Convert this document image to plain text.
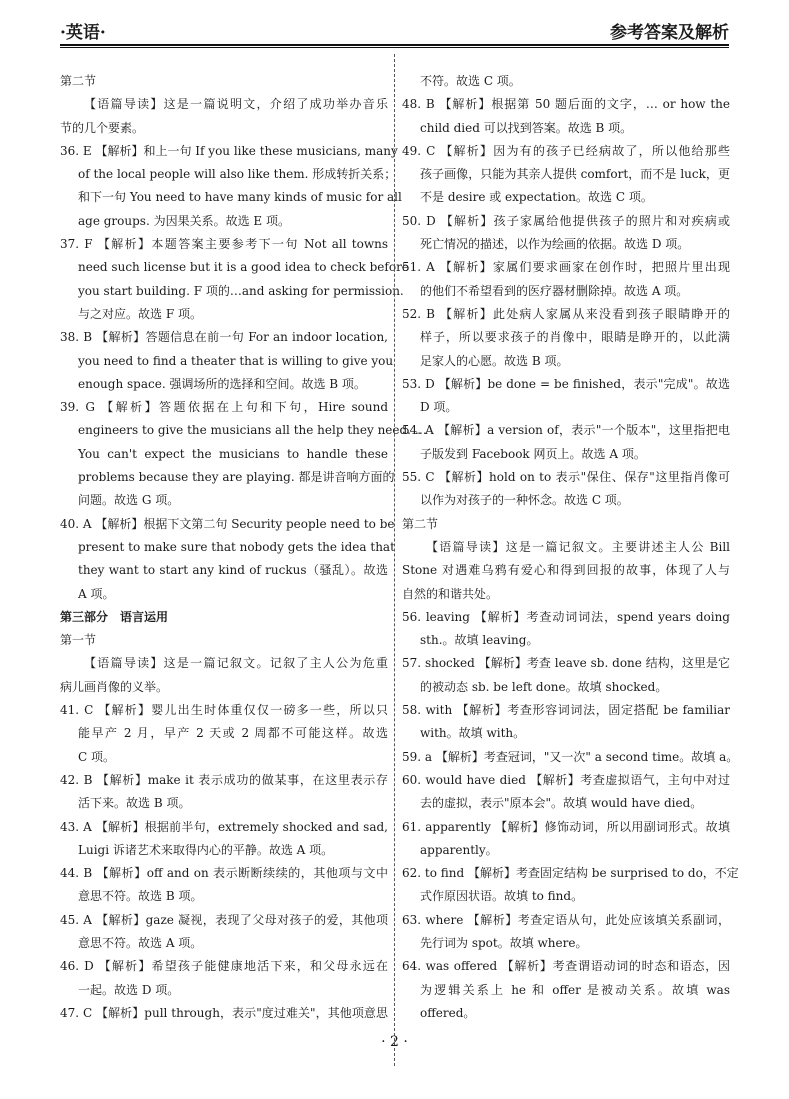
·英语·	参考答案及解析
第二节
【语篇导读】这是一篇说明文，介绍了成功举办音乐
节的几个要素。
36. E 【解析】和上一句 If you like these musicians, many
of the local people will also like them. 形成转折关系；
和下一句 You need to have many kinds of music for all
age groups. 为因果关系。故选 E 项。
37. F 【解析】本题答案主要参考下一句 Not all towns
need such license but it is a good idea to check before
you start building. F 项的…and asking for permission.
与之对应。故选 F 项。
38. B 【解析】答题信息在前一句 For an indoor location,
you need to find a theater that is willing to give you
enough space. 强调场所的选择和空间。故选 B 项。
39. G 【解析】答题依据在上句和下句，Hire sound
engineers to give the musicians all the help they need. …
You can't expect the musicians to handle these
problems because they are playing. 都是讲音响方面的
问题。故选 G 项。
40. A 【解析】根据下文第二句 Security people need to be
present to make sure that nobody gets the idea that
they want to start any kind of ruckus（骚乱）。故选
A 项。
第三部分　语言运用
第一节
【语篇导读】这是一篇记叙文。记叙了主人公为危重
病儿画肖像的义举。
41. C 【解析】婴儿出生时体重仅仅一磅多一些，所以只
能早产 2 月，早产 2 天或 2 周都不可能这样。故选
C 项。
42. B 【解析】make it 表示成功的做某事，在这里表示存
活下来。故选 B 项。
43. A 【解析】根据前半句，extremely shocked and sad,
Luigi 诉诸艺术来取得内心的平静。故选 A 项。
44. B 【解析】off and on 表示断断续续的，其他项与文中
意思不符。故选 B 项。
45. A 【解析】gaze 凝视，表现了父母对孩子的爱，其他项
意思不符。故选 A 项。
46. D 【解析】希望孩子能健康地活下来，和父母永远在
一起。故选 D 项。
47. C 【解析】pull through，表示"度过难关"，其他项意思
不符。故选 C 项。
48. B 【解析】根据第 50 题后面的文字，… or how the
child died 可以找到答案。故选 B 项。
49. C 【解析】因为有的孩子已经病故了，所以他给那些
孩子画像，只能为其亲人提供 comfort，而不是 luck，更
不是 desire 或 expectation。故选 C 项。
50. D 【解析】孩子家属给他提供孩子的照片和对疾病或
死亡情况的描述，以作为绘画的依据。故选 D 项。
51. A 【解析】家属们要求画家在创作时，把照片里出现
的他们不希望看到的医疗器材删除掉。故选 A 项。
52. B 【解析】此处病人家属从来没看到孩子眼睛睁开的
样子，所以要求孩子的肖像中，眼睛是睁开的，以此满
足家人的心愿。故选 B 项。
53. D 【解析】be done = be finished，表示"完成"。故选
D 项。
54. A 【解析】a version of，表示"一个版本"，这里指把电
子版发到 Facebook 网页上。故选 A 项。
55. C 【解析】hold on to 表示"保住、保存"这里指肖像可
以作为对孩子的一种怀念。故选 C 项。
第二节
【语篇导读】这是一篇记叙文。主要讲述主人公 Bill
Stone 对遇难乌鸦有爱心和得到回报的故事，体现了人与
自然的和谐共处。
56. leaving 【解析】考查动词词法，spend years doing
sth.。故填 leaving。
57. shocked 【解析】考查 leave sb. done 结构，这里是它
的被动态 sb. be left done。故填 shocked。
58. with 【解析】考查形容词词法，固定搭配 be familiar
with。故填 with。
59. a 【解析】考查冠词，"又一次" a second time。故填 a。
60. would have died 【解析】考查虚拟语气，主句中对过
去的虚拟，表示"原本会"。故填 would have died。
61. apparently 【解析】修饰动词，所以用副词形式。故填
apparently。
62. to find 【解析】考查固定结构 be surprised to do，不定
式作原因状语。故填 to find。
63. where 【解析】考查定语从句，此处应该填关系副词，
先行词为 spot。故填 where。
64. was offered 【解析】考查谓语动词的时态和语态，因
为逻辑关系上 he 和 offer 是被动关系。故填 was
offered。
· 2 ·
